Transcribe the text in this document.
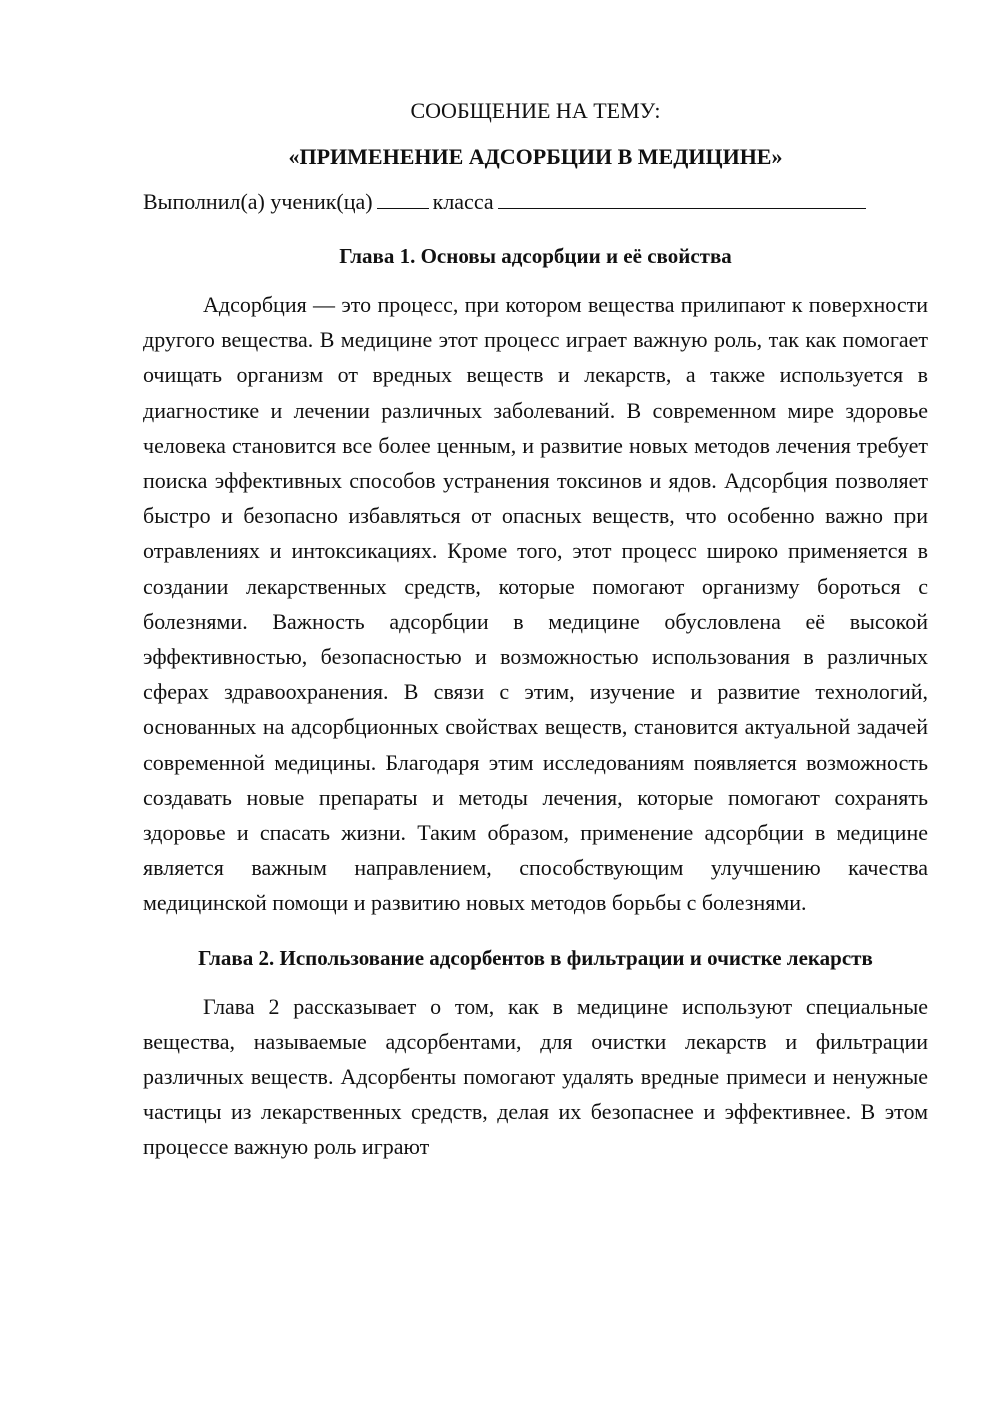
СООБЩЕНИЕ НА ТЕМУ:

«ПРИМЕНЕНИЕ АДСОРБЦИИ В МЕДИЦИНЕ»

Выполнил(а) ученик(ца)	класса
Глава 1. Основы адсорбции и её свойства

Адсорбция — это процесс, при котором вещества прилипают к поверхности другого вещества. В медицине этот процесс играет важную роль, так как помогает очищать организм от вредных веществ и лекарств, а также используется в диагностике и лечении различных заболеваний. В современном мире здоровье человека становится все более ценным, и развитие новых методов лечения требует поиска эффективных способов устранения токсинов и ядов. Адсорбция позволяет быстро и безопасно избавляться от опасных веществ, что особенно важно при отравлениях и интоксикациях. Кроме того, этот процесс широко применяется в создании лекарственных средств, которые помогают организму бороться с болезнями. Важность адсорбции в медицине обусловлена её высокой эффективностью, безопасностью и возможностью использования в различных сферах здравоохранения. В связи с этим, изучение и развитие технологий, основанных на адсорбционных свойствах веществ, становится актуальной задачей современной медицины. Благодаря этим исследованиям появляется возможность создавать новые препараты и методы лечения, которые помогают сохранять здоровье и спасать жизни. Таким образом, применение адсорбции в медицине является важным направлением, способствующим улучшению качества медицинской помощи и развитию новых методов борьбы с болезнями.

Глава 2. Использование адсорбентов в фильтрации и очистке лекарств

Глава 2 рассказывает о том, как в медицине используют специальные вещества, называемые адсорбентами, для очистки лекарств и фильтрации различных веществ. Адсорбенты помогают удалять вредные примеси и ненужные частицы из лекарственных средств, делая их безопаснее и эффективнее. В этом процессе важную роль играют
